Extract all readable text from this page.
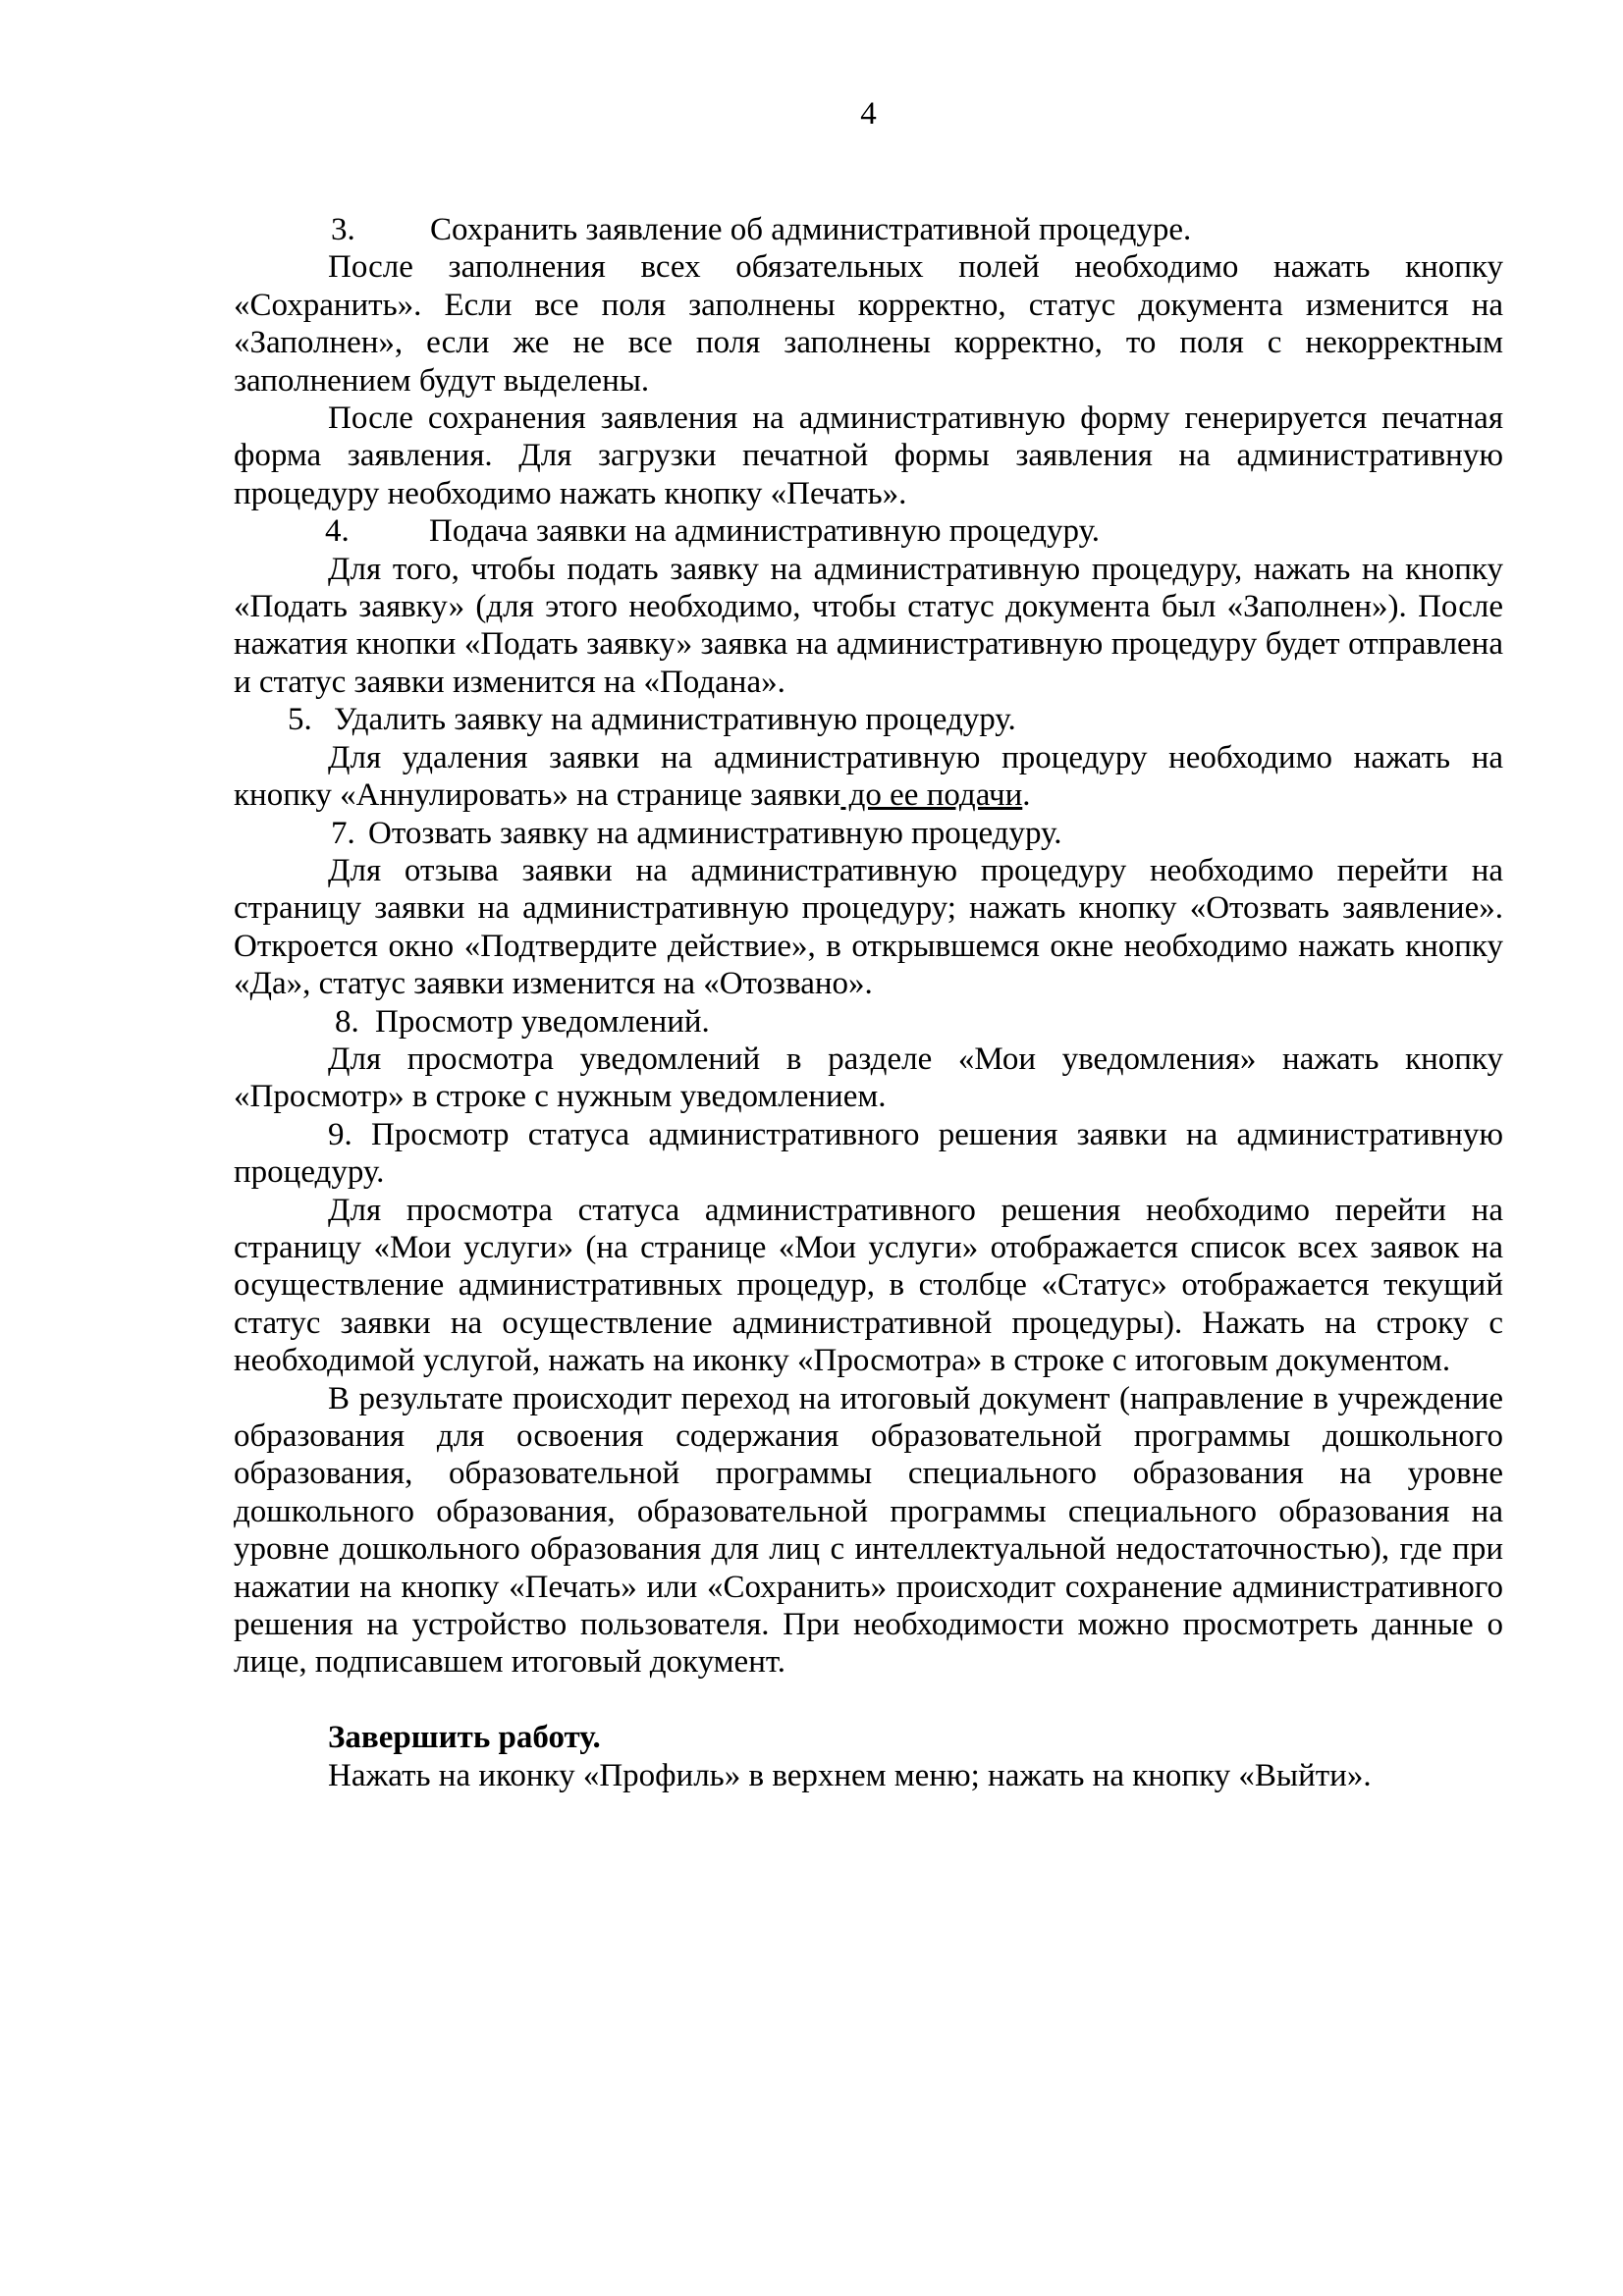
4
3. Сохранить заявление об административной процедуре.

После заполнения всех обязательных полей необходимо нажать кнопку «Сохранить». Если все поля заполнены корректно, статус документа изменится на «Заполнен», если же не все поля заполнены корректно, то поля с некорректным заполнением будут выделены.

После сохранения заявления на административную форму генерируется печатная форма заявления. Для загрузки печатной формы заявления на административную процедуру необходимо нажать кнопку «Печать».

4. Подача заявки на административную процедуру.

Для того, чтобы подать заявку на административную процедуру, нажать на кнопку «Подать заявку» (для этого необходимо, чтобы статус документа был «Заполнен»). После нажатия кнопки «Подать заявку» заявка на административную процедуру будет отправлена и статус заявки изменится на «Подана».

5. Удалить заявку на административную процедуру.

Для удаления заявки на административную процедуру необходимо нажать на кнопку «Аннулировать» на странице заявки до ее подачи.

7. Отозвать заявку на административную процедуру.

Для отзыва заявки на административную процедуру необходимо перейти на страницу заявки на административную процедуру; нажать кнопку «Отозвать заявление». Откроется окно «Подтвердите действие», в открывшемся окне необходимо нажать кнопку «Да», статус заявки изменится на «Отозвано».

8. Просмотр уведомлений.

Для просмотра уведомлений в разделе «Мои уведомления» нажать кнопку «Просмотр» в строке с нужным уведомлением.

9. Просмотр статуса административного решения заявки на административную процедуру.

Для просмотра статуса административного решения необходимо перейти на страницу «Мои услуги» (на странице «Мои услуги» отображается список всех заявок на осуществление административных процедур, в столбце «Статус» отображается текущий статус заявки на осуществление административной процедуры). Нажать на строку с необходимой услугой, нажать на иконку «Просмотра» в строке с итоговым документом.

В результате происходит переход на итоговый документ (направление в учреждение образования для освоения содержания образовательной программы дошкольного образования, образовательной программы специального образования на уровне дошкольного образования, образовательной программы специального образования на уровне дошкольного образования для лиц с интеллектуальной недостаточностью), где при нажатии на кнопку «Печать» или «Сохранить» происходит сохранение административного решения на устройство пользователя. При необходимости можно просмотреть данные о лице, подписавшем итоговый документ.

Завершить работу.

Нажать на иконку «Профиль» в верхнем меню; нажать на кнопку «Выйти».
